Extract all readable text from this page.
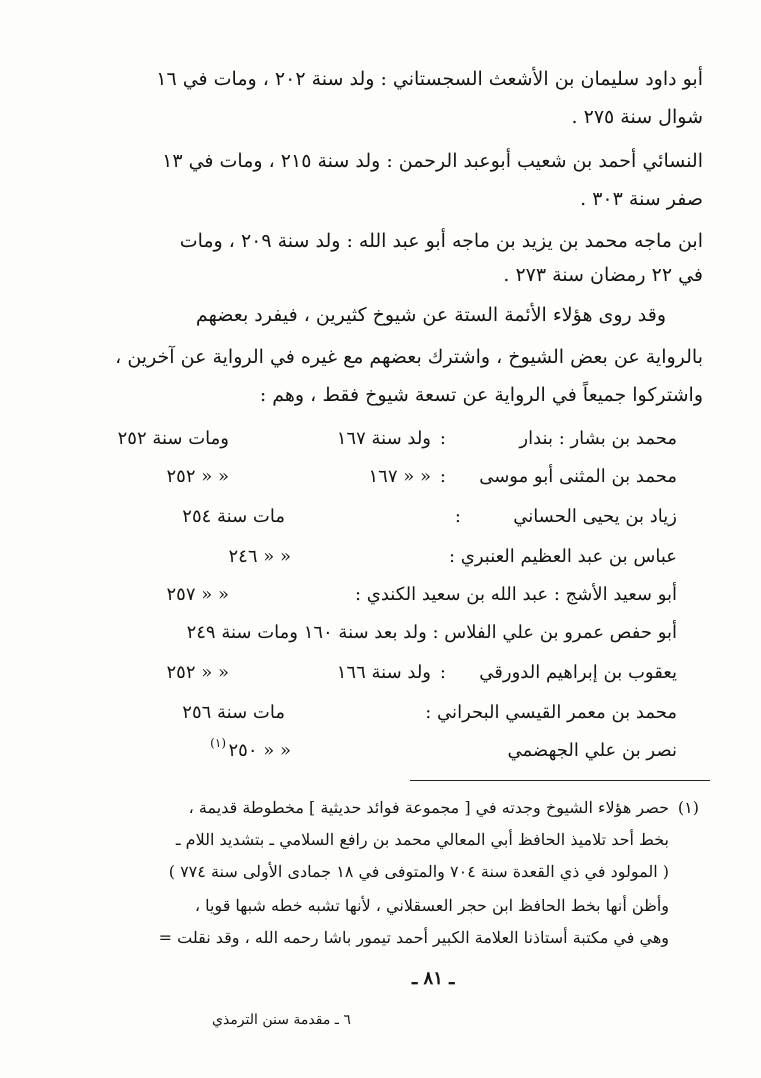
أبو داود سليمان بن الأشعث السجستاني : ولد سنة ٢٠٢ ، ومات في ١٦
شوال سنة ٢٧٥ .
النسائي أحمد بن شعيب أبوعبد الرحمن : ولد سنة ٢١٥ ، ومات في ١٣
صفر سنة ٣٠٣ .
ابن ماجه محمد بن يزيد بن ماجه أبو عبد الله : ولد سنة ٢٠٩ ، ومات
في ٢٢ رمضان سنة ٢٧٣ .
وقد روى هؤلاء الأئمة الستة عن شيوخ كثيرين ، فيفرد بعضهم
بالرواية عن بعض الشيوخ ، واشترك بعضهم مع غيره في الرواية عن آخرين ،
واشتركوا جميعاً في الرواية عن تسعة شيوخ فقط ، وهم :
محمد بن بشار : بندار
:
ولد سنة ١٦٧
ومات سنة ٢٥٢
محمد بن المثنى أبو موسى
:
« « ١٦٧
« « ٢٥٢
زياد بن يحيى الحساني
:
مات سنة ٢٥٤
عباس بن عبد العظيم العنبري :
« « ٢٤٦
أبو سعيد الأشج : عبد الله بن سعيد الكندي :
« « ٢٥٧
أبو حفص عمرو بن علي الفلاس : ولد بعد سنة ١٦٠ ومات سنة ٢٤٩
يعقوب بن إبراهيم الدورقي
:
ولد سنة ١٦٦
« « ٢٥٢
محمد بن معمر القيسي البحراني :
مات سنة ٢٥٦
نصر بن علي الجهضمي
« « ٢٥٠
(١)
(١)
حصر هؤلاء الشيوخ وجدته في [ مجموعة فوائد حديثية ] مخطوطة قديمة ،
بخط أحد تلاميذ الحافظ أبي المعالي محمد بن رافع السلامي ـ بتشديد اللام ـ
( المولود في ذي القعدة سنة ٧٠٤ والمتوفى في ١٨ جمادى الأولى سنة ٧٧٤ )
وأظن أنها بخط الحافظ ابن حجر العسقلاني ، لأنها تشبه خطه شبها قويا ،
وهي في مكتبة أستاذنا العلامة الكبير أحمد تيمور باشا رحمه الله ، وقد نقلت =
ـ ٨١ ـ
٦ ـ مقدمة سنن الترمذي
